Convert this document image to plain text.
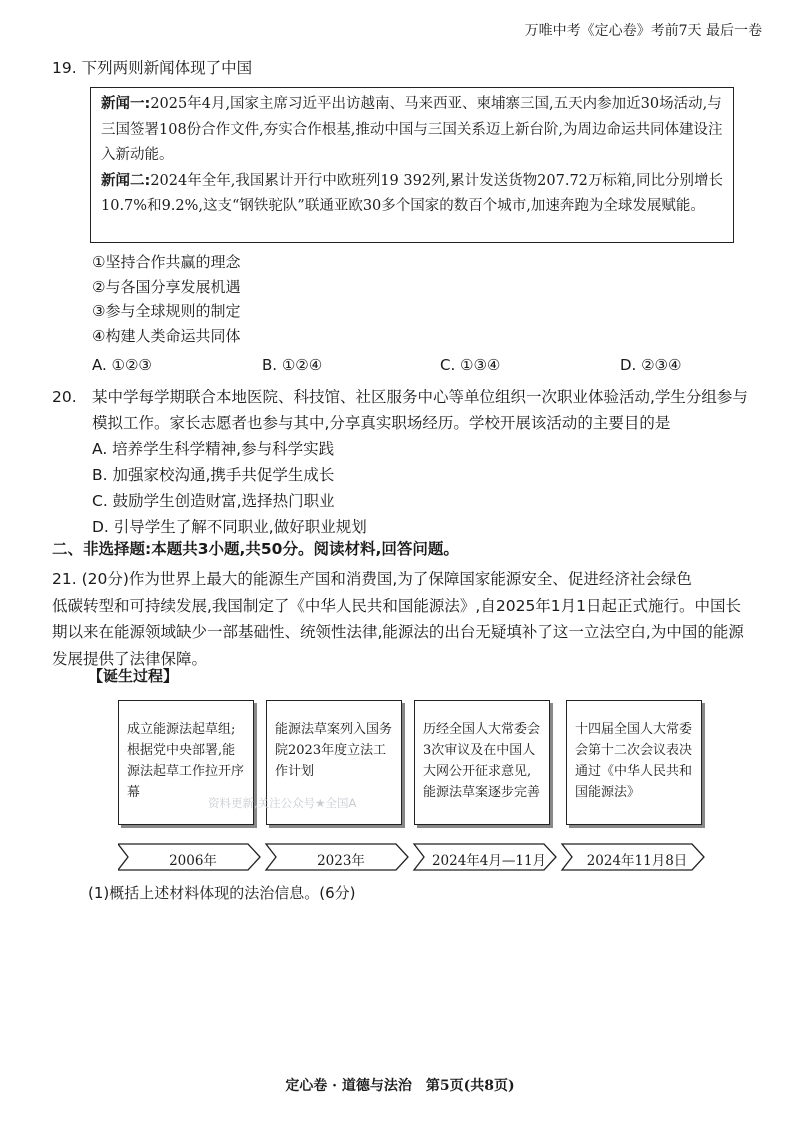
万唯中考《定心卷》考前7天 最后一卷
19. 下列两则新闻体现了中国

新闻一:2025年4月,国家主席习近平出访越南、马来西亚、柬埔寨三国,五天内参加近30场活动,与三国签署108份合作文件,夯实合作根基,推动中国与三国关系迈上新台阶,为周边命运共同体建设注入新动能。

新闻二:2024年全年,我国累计开行中欧班列19 392列,累计发送货物207.72万标箱,同比分别增长10.7%和9.2%,这支“钢铁驼队”联通亚欧30多个国家的数百个城市,加速奔跑为全球发展赋能。

①坚持合作共赢的理念
②与各国分享发展机遇
③参与全球规则的制定
④构建人类命运共同体
A. ①②③	B. ①②④	C. ①③④	D. ②③④
20. 某中学每学期联合本地医院、科技馆、社区服务中心等单位组织一次职业体验活动,学生分组参与模拟工作。家长志愿者也参与其中,分享真实职场经历。学校开展该活动的主要目的是
A. 培养学生科学精神,参与科学实践
B. 加强家校沟通,携手共促学生成长
C. 鼓励学生创造财富,选择热门职业
D. 引导学生了解不同职业,做好职业规划
二、非选择题:本题共3小题,共50分。阅读材料,回答问题。
21. (20分)作为世界上最大的能源生产国和消费国,为了保障国家能源安全、促进经济社会绿色
低碳转型和可持续发展,我国制定了《中华人民共和国能源法》,自2025年1月1日起正式施行。中国长期以来在能源领域缺少一部基础性、统领性法律,能源法的出台无疑填补了这一立法空白,为中国的能源发展提供了法律保障。
【诞生过程】
成立能源法起草组;根据党中央部署,能源法起草工作拉开序幕
能源法草案列入国务院2023年度立法工作计划
历经全国人大常委会3次审议及在中国人大网公开征求意见,能源法草案逐步完善
十四届全国人大常委会第十二次会议表决通过《中华人民共和国能源法》
资料更新,关注公众号★全国A
2006年	2023年	2024年4月—11月	2024年11月8日
(1)概括上述材料体现的法治信息。(6分)
定心卷 · 道德与法治　第5页(共8页)
